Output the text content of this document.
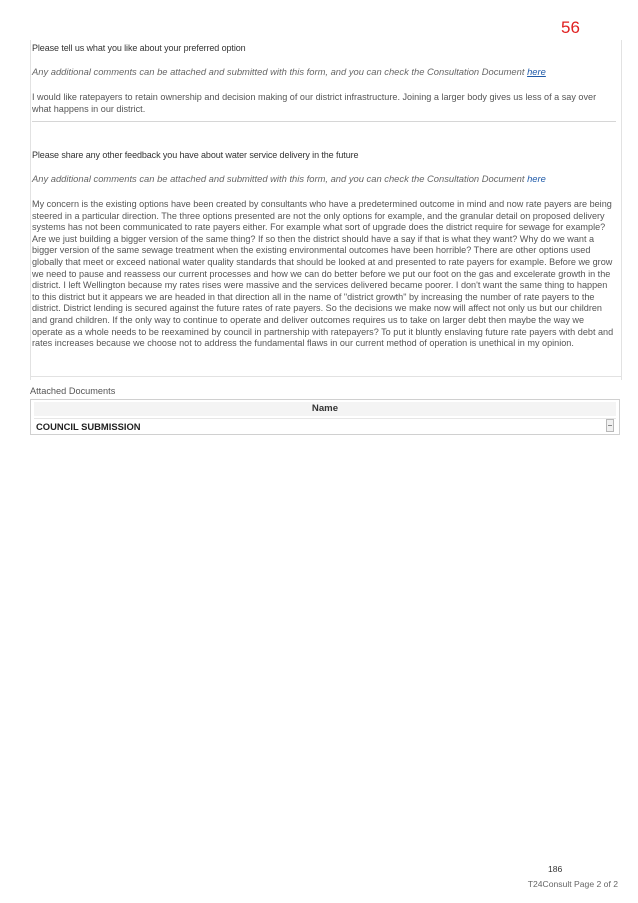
56
Please tell us what you like about your preferred option
Any additional comments can be attached and submitted with this form, and you can check the Consultation Document here
I would like ratepayers to retain ownership and decision making of our district infrastructure. Joining a larger body gives us less of a say over what happens in our district.
Please share any other feedback you have about water service delivery in the future
Any additional comments can be attached and submitted with this form, and you can check the Consultation Document here
My concern is the existing options have been created by consultants who have a predetermined outcome in mind and now rate payers are being steered in a particular direction. The three options presented are not the only options for example, and the granular detail on proposed delivery systems has not been communicated to rate payers either. For example what sort of upgrade does the district require for sewage for example? Are we just building a bigger version of the same thing? If so then the district should have a say if that is what they want? Why do we want a bigger version of the same sewage treatment when the existing environmental outcomes have been horrible? There are other options used globally that meet or exceed national water quality standards that should be looked at and presented to rate payers for example. Before we grow we need to pause and reassess our current processes and how we can do better before we put our foot on the gas and excelerate growth in the district. I left Wellington because my rates rises were massive and the services delivered became poorer. I don't want the same thing to happen to this district but it appears we are headed in that direction all in the name of "district growth" by increasing the number of rate payers to the district. District lending is secured against the future rates of rate payers. So the decisions we make now will affect not only us but our children and grand children. If the only way to continue to operate and deliver outcomes requires us to take on larger debt then maybe the way we operate as a whole needs to be reexamined by council in partnership with ratepayers? To put it bluntly enslaving future rate payers with debt and rates increases because we choose not to address the fundamental flaws in our current method of operation is unethical in my opinion.
Attached Documents
Name
COUNCIL SUBMISSION
186
T24Consult Page 2 of 2
